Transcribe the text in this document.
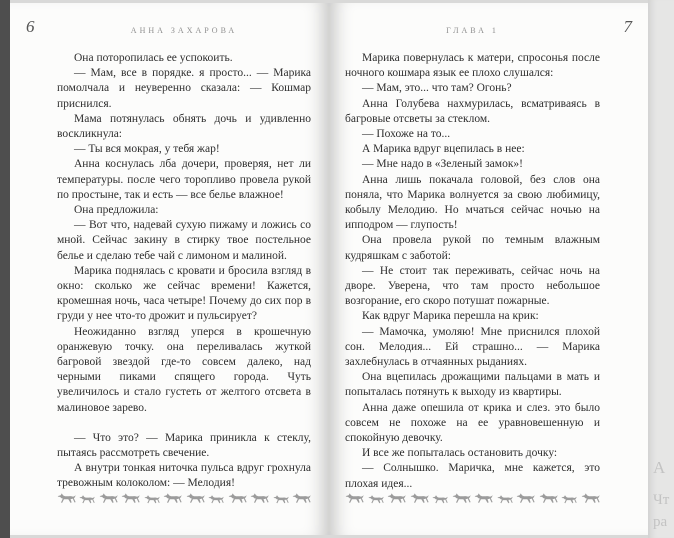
6	АННА ЗАХАРОВА

Она поторопилась ее успокоить.

— Мам, все в порядке. я просто... — Марика помолчала и неуверенно сказала: — Кошмар приснился.

Мама потянулась обнять дочь и удивленно воскликнула:

— Ты вся мокрая, у тебя жар!

Анна коснулась лба дочери, проверяя, нет ли температуры. после чего торопливо провела рукой по простыне, так и есть — все белье влажное!

Она предложила:

— Вот что, надевай сухую пижаму и ложись со мной. Сейчас закину в стирку твое постельное белье и сделаю тебе чай с лимоном и малиной.

Марика поднялась с кровати и бросила взгляд в окно: сколько же сейчас времени! Кажется, кромешная ночь, часа четыре! Почему до сих пор в груди у нее что-то дрожит и пульсирует?

Неожиданно взгляд уперся в крошечную оранжевую точку. она переливалась жуткой багровой звездой где-то совсем далеко, над черными пиками спящего города. Чуть увеличилось и стало густеть от желтого отсвета в малиновое зарево.

— Что это? — Марика приникла к стеклу, пытаясь рассмотреть свечение.

А внутри тонкая ниточка пульса вдруг грохнула тревожным колоколом: — Мелодия!

7
ГЛАВА 1

Марика повернулась к матери, спросонья после ночного кошмара язык ее плохо слушался:

— Мам, это... что там? Огонь?

Анна Голубева нахмурилась, всматриваясь в багровые отсветы за стеклом.

— Похоже на то...

А Марика вдруг вцепилась в нее:

— Мне надо в «Зеленый замок»!

Анна лишь покачала головой, без слов она поняла, что Марика волнуется за свою любимицу, кобылу Мелодию. Но мчаться сейчас ночью на ипподром — глупость!

Она провела рукой по темным влажным кудряшкам с заботой:

— Не стоит так переживать, сейчас ночь на дворе. Уверена, что там просто небольшое возгорание, его скоро потушат пожарные.

Как вдруг Марика перешла на крик:

— Мамочка, умоляю! Мне приснился плохой сон. Мелодия... Ей страшно... — Марика захлебнулась в отчаянных рыданиях.

Она вцепилась дрожащими пальцами в мать и попыталась потянуть к выходу из квартиры.

Анна даже опешила от крика и слез. это было совсем не похоже на ее уравновешенную и спокойную девочку.

И все же попыталась остановить дочку:

— Солнышко. Маричка, мне кажется, это плохая идея...

А
Чт
ра
